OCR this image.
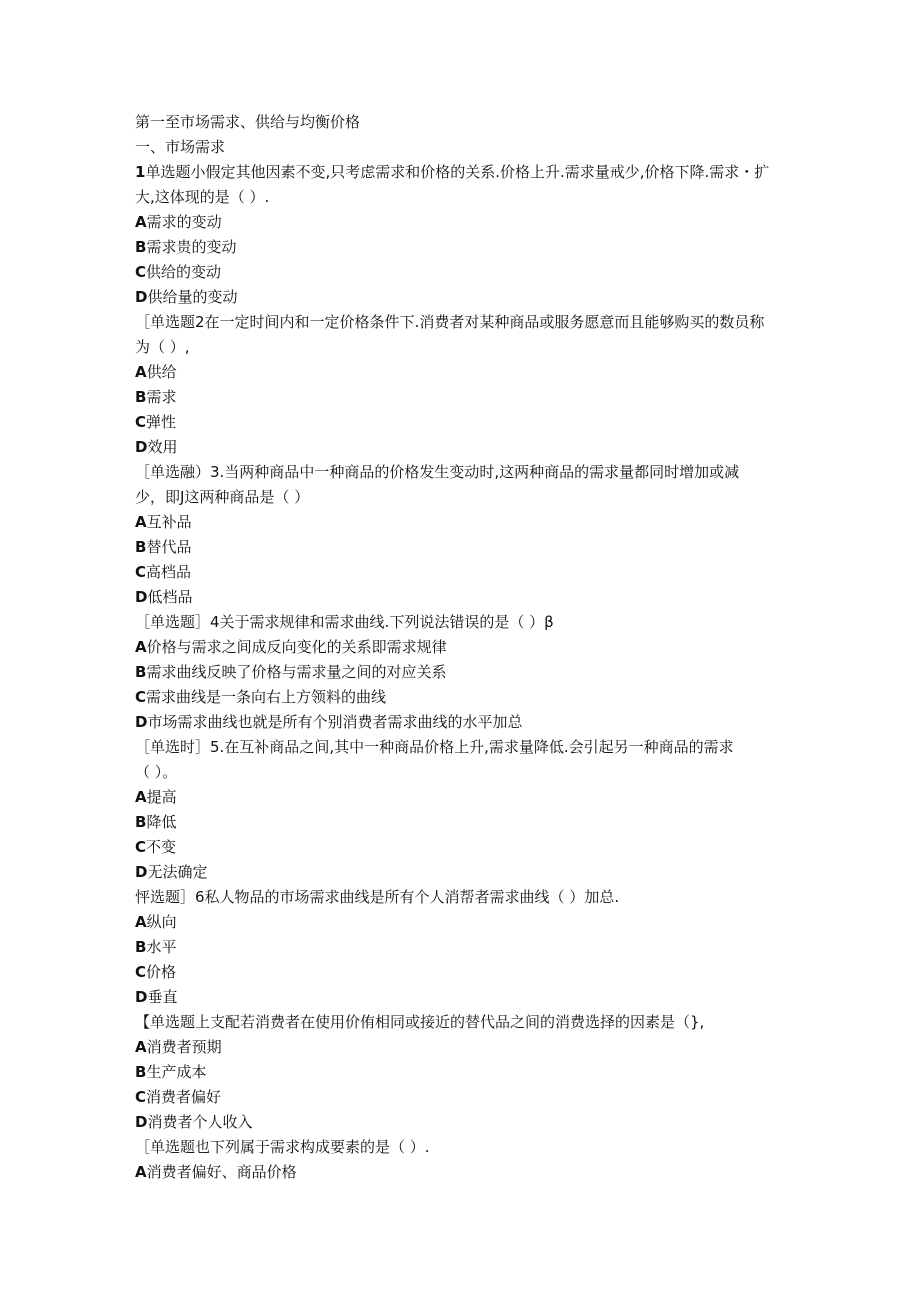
第一至市场需求、供给与均衡价格
一、市场需求
1单选题小假定其他因素不变,只考虑需求和价格的关系.价格上升.需求量戒少,价格下降.需求・扩
大,这体现的是（ ）.
A需求的变动
B需求贵的变动
C供给的变动
D供给量的变动
［单选题2在一定时间内和一定价格条件下.消费者对某种商品或服务愿意而且能够购买的数员称
为（ ）,
A供给
B需求
C弹性
D效用
［单选融）3.当两种商品中一种商品的价格发生变动时,这两种商品的需求量都同时增加或减
少，即J这两种商品是（ ）
A互补品
B替代品
C高档品
D低档品
［单选题］4关于需求规律和需求曲线.下列说法错误的是（ ）β
A价格与需求之间成反向变化的关系即需求规律
B需求曲线反映了价格与需求量之间的对应关系
C需求曲线是一条向右上方领料的曲线
D市场需求曲线也就是所有个别消费者需求曲线的水平加总
［单选时］5.在互补商品之间,其中一种商品价格上升,需求量降低.会引起另一种商品的需求
（ ）。
A提高
B降低
C不变
D无法确定
怦选题］6私人物品的市场需求曲线是所有个人消帮者需求曲线（ ）加总.
A纵向
B水平
C价格
D垂直
【单选题上支配若消费者在使用价侑相同或接近的替代品之间的消费选择的因素是（},
A消费者预期
B生产成本
C消费者偏好
D消费者个人收入
［单选题也下列属于需求构成要素的是（ ）.
A消费者偏好、商品价格
